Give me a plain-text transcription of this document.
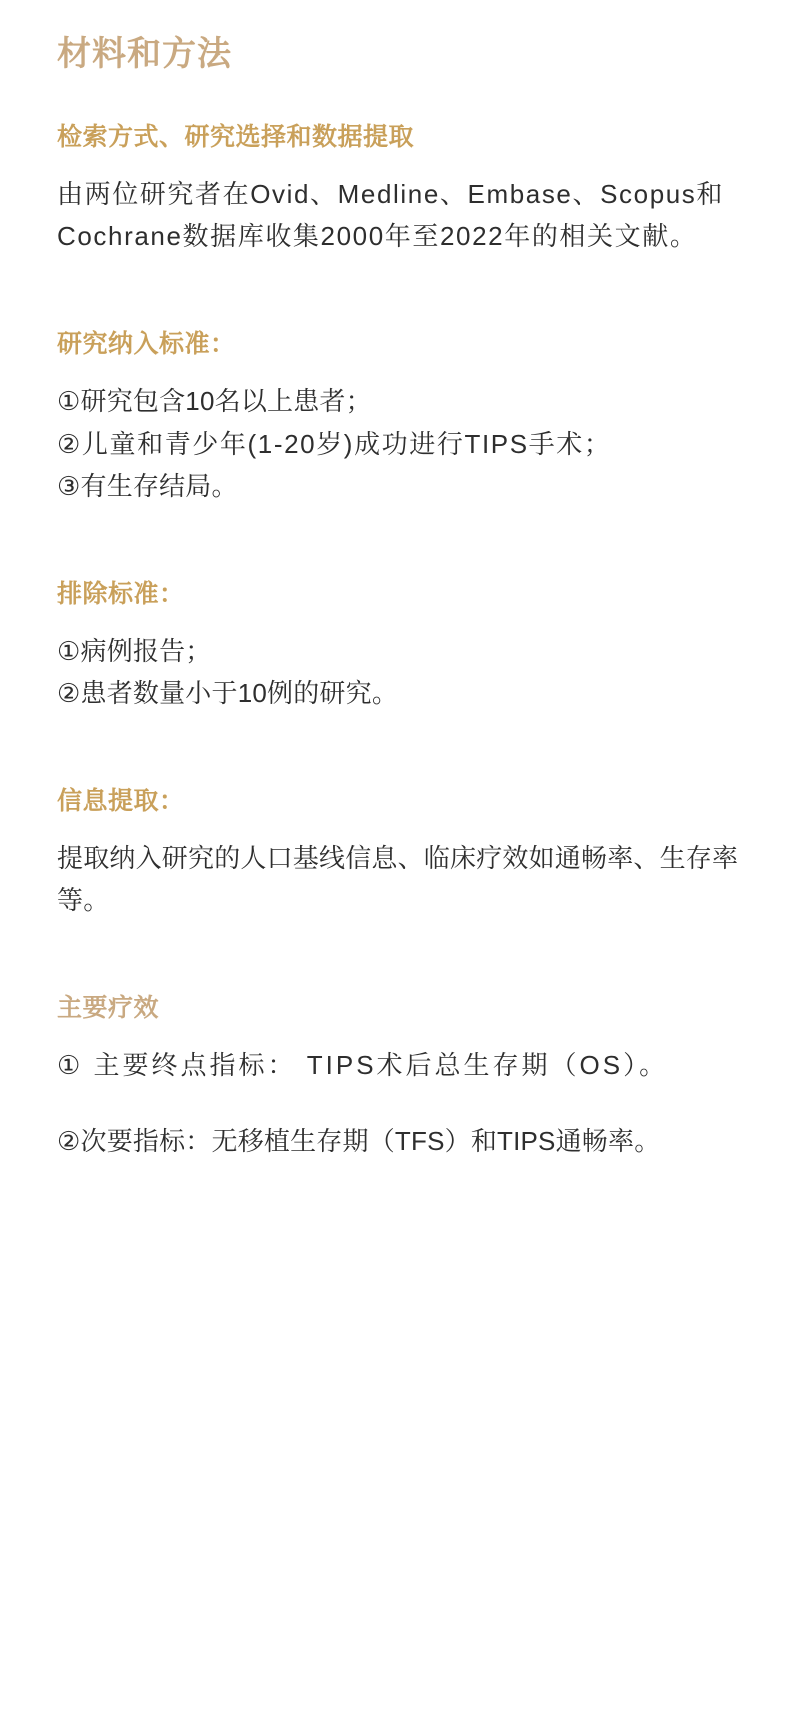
材料和方法
检索方式、研究选择和数据提取

由两位研究者在Ovid、Medline、Embase、Scopus和Cochrane数据库收集2000年至2022年的相关文献。

研究纳入标准：

①研究包含10名以上患者；

②儿童和青少年(1-20岁)成功进行TIPS手术；

③有生存结局。

排除标准：

①病例报告；

②患者数量小于10例的研究。

信息提取：

提取纳入研究的人口基线信息、临床疗效如通畅率、生存率等。

主要疗效

① 主要终点指标： TIPS术后总生存期（OS）。

②次要指标：无移植生存期（TFS）和TIPS通畅率。
